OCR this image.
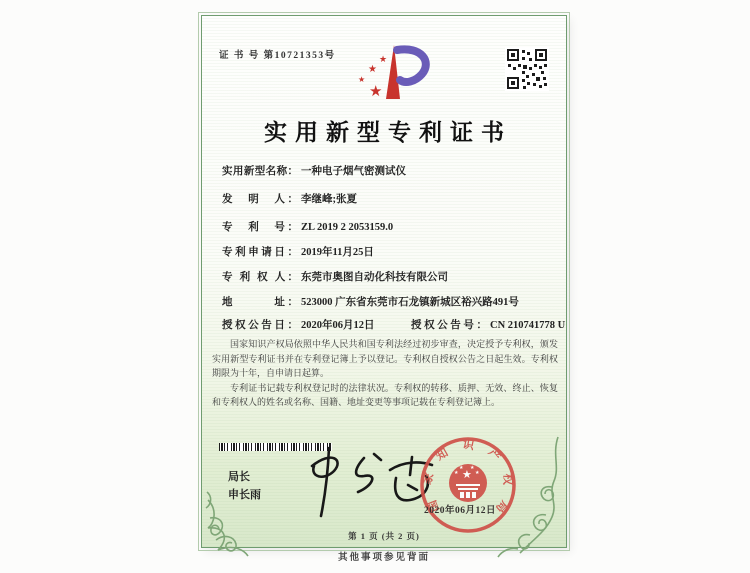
证 书 号 第10721353号	★
★
★
★
实用新型专利证书
实用新型名称： 一种电子烟气密测试仪
发　明　人： 李继峰;张夏
专　利　号： ZL 2019 2 2053159.0
专利申请日： 2019年11月25日
专 利 权 人： 东莞市奥图自动化科技有限公司
地　　　址： 523000 广东省东莞市石龙镇新城区裕兴路491号
授权公告日： 2020年06月12日	授权公告号： CN 210741778 U

国家知识产权局依照中华人民共和国专利法经过初步审查，决定授予专利权，颁发实用新型专利证书并在专利登记簿上予以登记。专利权自授权公告之日起生效。专利权期限为十年，自申请日起算。

专利证书记载专利权登记时的法律状况。专利权的转移、质押、无效、终止、恢复和专利权人的姓名或名称、国籍、地址变更等事项记载在专利登记簿上。

局长
申长雨	国家知识产权局
★
★
★ ★
★
2020年06月12日
第 1 页 (共 2 页)
其他事项参见背面
